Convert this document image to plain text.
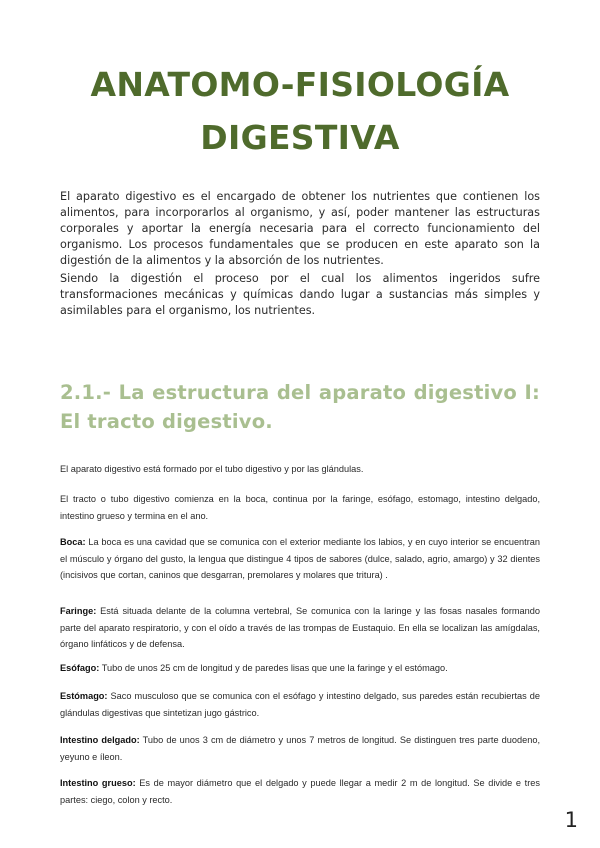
ANATOMO-FISIOLOGÍA
DIGESTIVA

El aparato digestivo es el encargado de obtener los nutrientes que contienen los alimentos, para incorporarlos al organismo, y así, poder mantener las estructuras corporales y aportar la energía necesaria para el correcto funcionamiento del organismo. Los procesos fundamentales que se producen en este aparato son la digestión de la alimentos y la absorción de los nutrientes.

Siendo la digestión el proceso por el cual los alimentos ingeridos sufre transformaciones mecánicas y químicas dando lugar a sustancias más simples y asimilables para el organismo, los nutrientes.

2.1.- La estructura del aparato digestivo I: El tracto digestivo.

El aparato digestivo está formado por el tubo digestivo y por las glándulas.

El tracto o tubo digestivo comienza en la boca, continua por la faringe, esófago, estomago, intestino delgado, intestino grueso y termina en el ano.

Boca: La boca es una cavidad que se comunica con el exterior mediante los labios, y en cuyo interior se encuentran el músculo y órgano del gusto, la lengua que distingue 4 tipos de sabores (dulce, salado, agrio, amargo) y 32 dientes (incisivos que cortan, caninos que desgarran, premolares y molares que tritura) .

Faringe: Está situada delante de la columna vertebral, Se comunica con la laringe y las fosas nasales formando parte del aparato respiratorio, y con el oído a través de las trompas de Eustaquio. En ella se localizan las amígdalas, órgano linfáticos y de defensa.

Esófago: Tubo de unos 25 cm de longitud y de paredes lisas que une la faringe y el estómago.

Estómago: Saco musculoso que se comunica con el esófago y intestino delgado, sus paredes están recubiertas de glándulas digestivas que sintetizan jugo gástrico.

Intestino delgado: Tubo de unos 3 cm de diámetro y unos 7 metros de longitud. Se distinguen tres parte duodeno, yeyuno e íleon.

Intestino grueso: Es de mayor diámetro que el delgado y puede llegar a medir 2 m de longitud. Se divide e tres partes: ciego, colon y recto.

1
